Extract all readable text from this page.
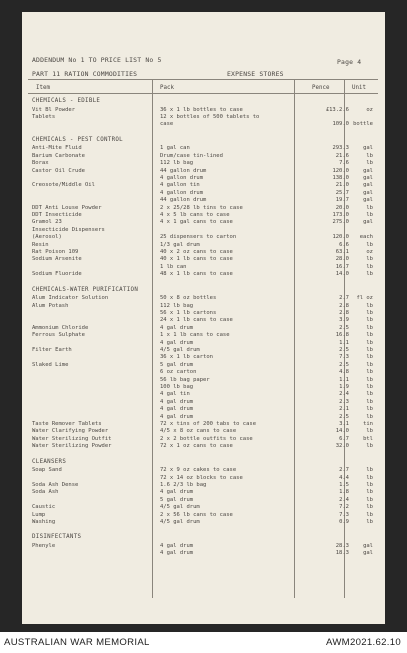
ADDENDUM No 1 TO PRICE LIST No 5	Page 4
PART 11 RATION COMMODITIES	EXPENSE STORES
Item	Pack	Pence	Unit
CHEMICALS - EDIBLE
Vit Bl Powder	36 x 1 lb bottles to case	£13.2.6	oz
Tablets	12 x bottles of 500 tablets to
case	109.0 bottle
CHEMICALS - PEST CONTROL
Anti-Mite Fluid	1 gal can	293.3	gal
Barium Carbonate	Drum/case tin-lined	21.6	lb
Borax	112 lb bag	7.6	lb
Castor Oil Crude	44 gallon drum	120.0	gal
4 gallon drum	138.0	gal
Creosote/Middle Oil	4 gallon tin	21.0	gal
4 gallon drum	25.7	gal
44 gallon drum	19.7	gal
DDT Anti Louse Powder	2 x 25/28 lb tins to case	20.0	lb
DDT Insecticide	4 x 5 lb cans to case	173.0	lb
Gramol 23	4 x 1 gal cans to case	275.0	gal
Insecticide Dispensers
(Aerosol)	25 dispensers to carton	120.0 each
Resin	1/3 gal drum	6.6	lb
Rat Poison 109	40 x 2 oz cans to case	63.1	oz
Sodium Arsenite	40 x 1 lb cans to case	28.0	lb
1 lb can	16.7	lb
Sodium Fluoride	48 x 1 lb cans to case	14.0	lb
CHEMICALS-WATER PURIFICATION
Alum Indicator Solution	50 x 8 oz bottles	2.7 fl oz
Alum Potash	112 lb bag	2.8	lb
56 x 1 lb cartons	2.8	lb
24 x 1 lb cans to case	3.9	lb
Ammonium Chloride	4 gal drum	2.5	lb
Ferrous Sulphate	1 x 1 lb cans to case	16.8	lb
4 gal drum	1.1	lb
Filter Earth	4/5 gal drum	2.5	lb
36 x 1 lb carton	7.3	lb
Slaked Lime	5 gal drum	2.5	lb
6 oz carton	4.8	lb
56 lb bag paper	1.1	lb
100 lb bag	1.9	lb
4 gal tin	2.4	lb
4 gal drum	2.3	lb
4 gal drum	2.1	lb
4 gal drum	2.5	lb
Taste Remover Tablets	72 x tins of 200 tabs to case	3.1	tin
Water Clarifying Powder	4/5 x 8 oz cans to case	14.0	lb
Water Sterilizing Outfit	2 x 2 bottle outfits to case	6.7	btl
Water Sterilizing Powder	72 x 1 oz cans to case	32.0	lb
CLEANSERS
Soap Sand	72 x 9 oz cakes to case	2.7	lb
72 x 14 oz blocks to case	4.4	lb
Soda Ash Dense	1.6 2/3 lb bag	1.5	lb
Soda Ash	4 gal drum	1.8	lb
5 gal drum	2.4	lb
Caustic	4/5 gal drum	7.2	lb
Lump	2 x 56 lb cans to case	7.3	lb
Washing	4/5 gal drum	0.9	lb
DISINFECTANTS
Phenyle	4 gal drum	28.3	gal
4 gal drum	18.3	gal
AUSTRALIAN WAR MEMORIAL	AWM2021.62.10
